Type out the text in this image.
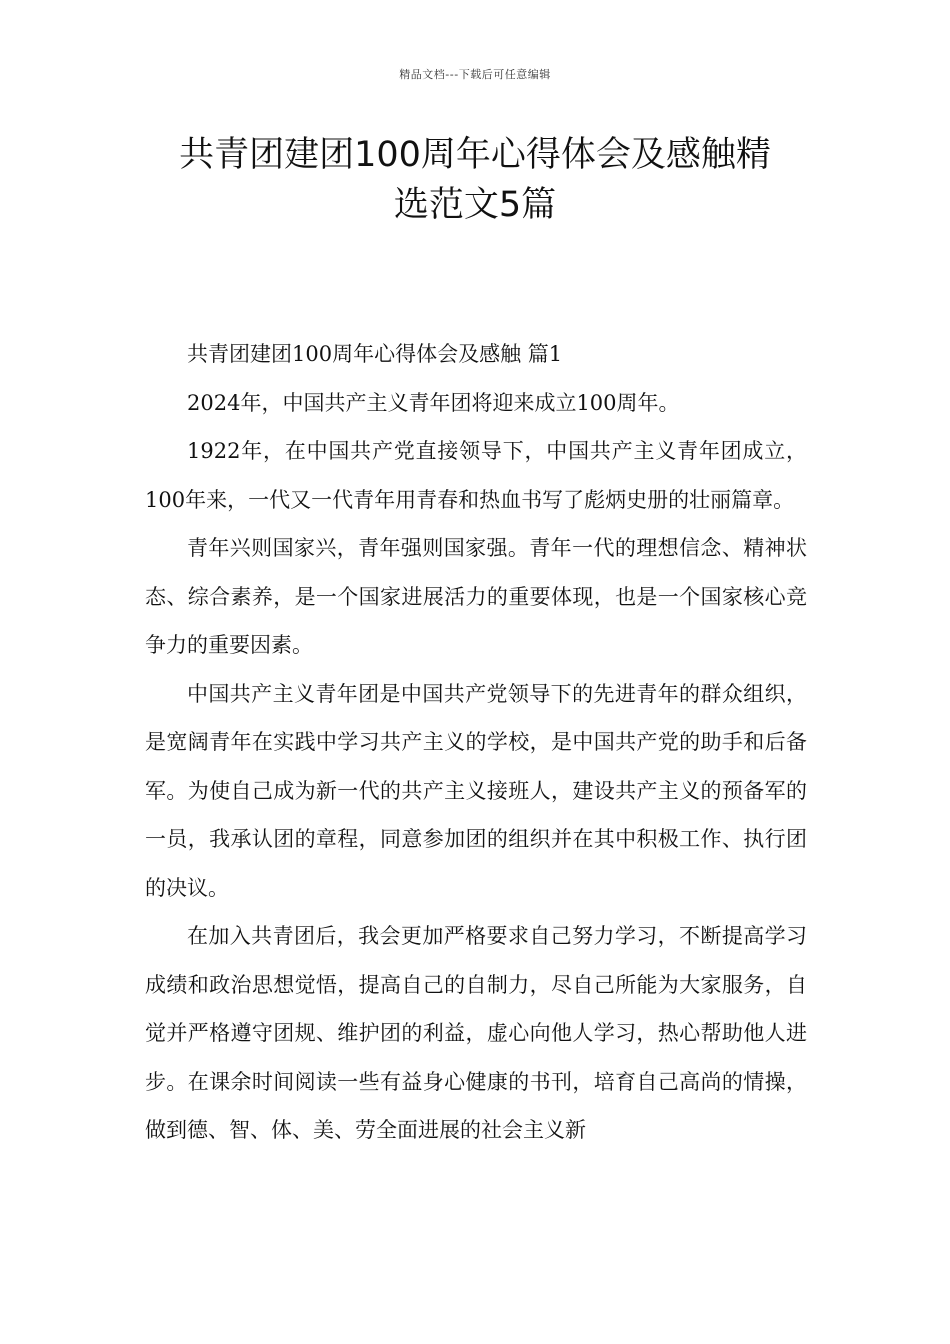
精品文档---下载后可任意编辑
共青团建团100周年心得体会及感触精
选范文5篇

共青团建团100周年心得体会及感触 篇1

2024年，中国共产主义青年团将迎来成立100周年。

1922年，在中国共产党直接领导下，中国共产主义青年团成立，100年来，一代又一代青年用青春和热血书写了彪炳史册的壮丽篇章。

青年兴则国家兴，青年强则国家强。青年一代的理想信念、精神状态、综合素养，是一个国家进展活力的重要体现，也是一个国家核心竞争力的重要因素。

中国共产主义青年团是中国共产党领导下的先进青年的群众组织，是宽阔青年在实践中学习共产主义的学校，是中国共产党的助手和后备军。为使自己成为新一代的共产主义接班人，建设共产主义的预备军的一员，我承认团的章程，同意参加团的组织并在其中积极工作、执行团的决议。

在加入共青团后，我会更加严格要求自己努力学习，不断提高学习成绩和政治思想觉悟，提高自己的自制力，尽自己所能为大家服务，自觉并严格遵守团规、维护团的利益，虚心向他人学习，热心帮助他人进步。在课余时间阅读一些有益身心健康的书刊，培育自己高尚的情操，做到德、智、体、美、劳全面进展的社会主义新
